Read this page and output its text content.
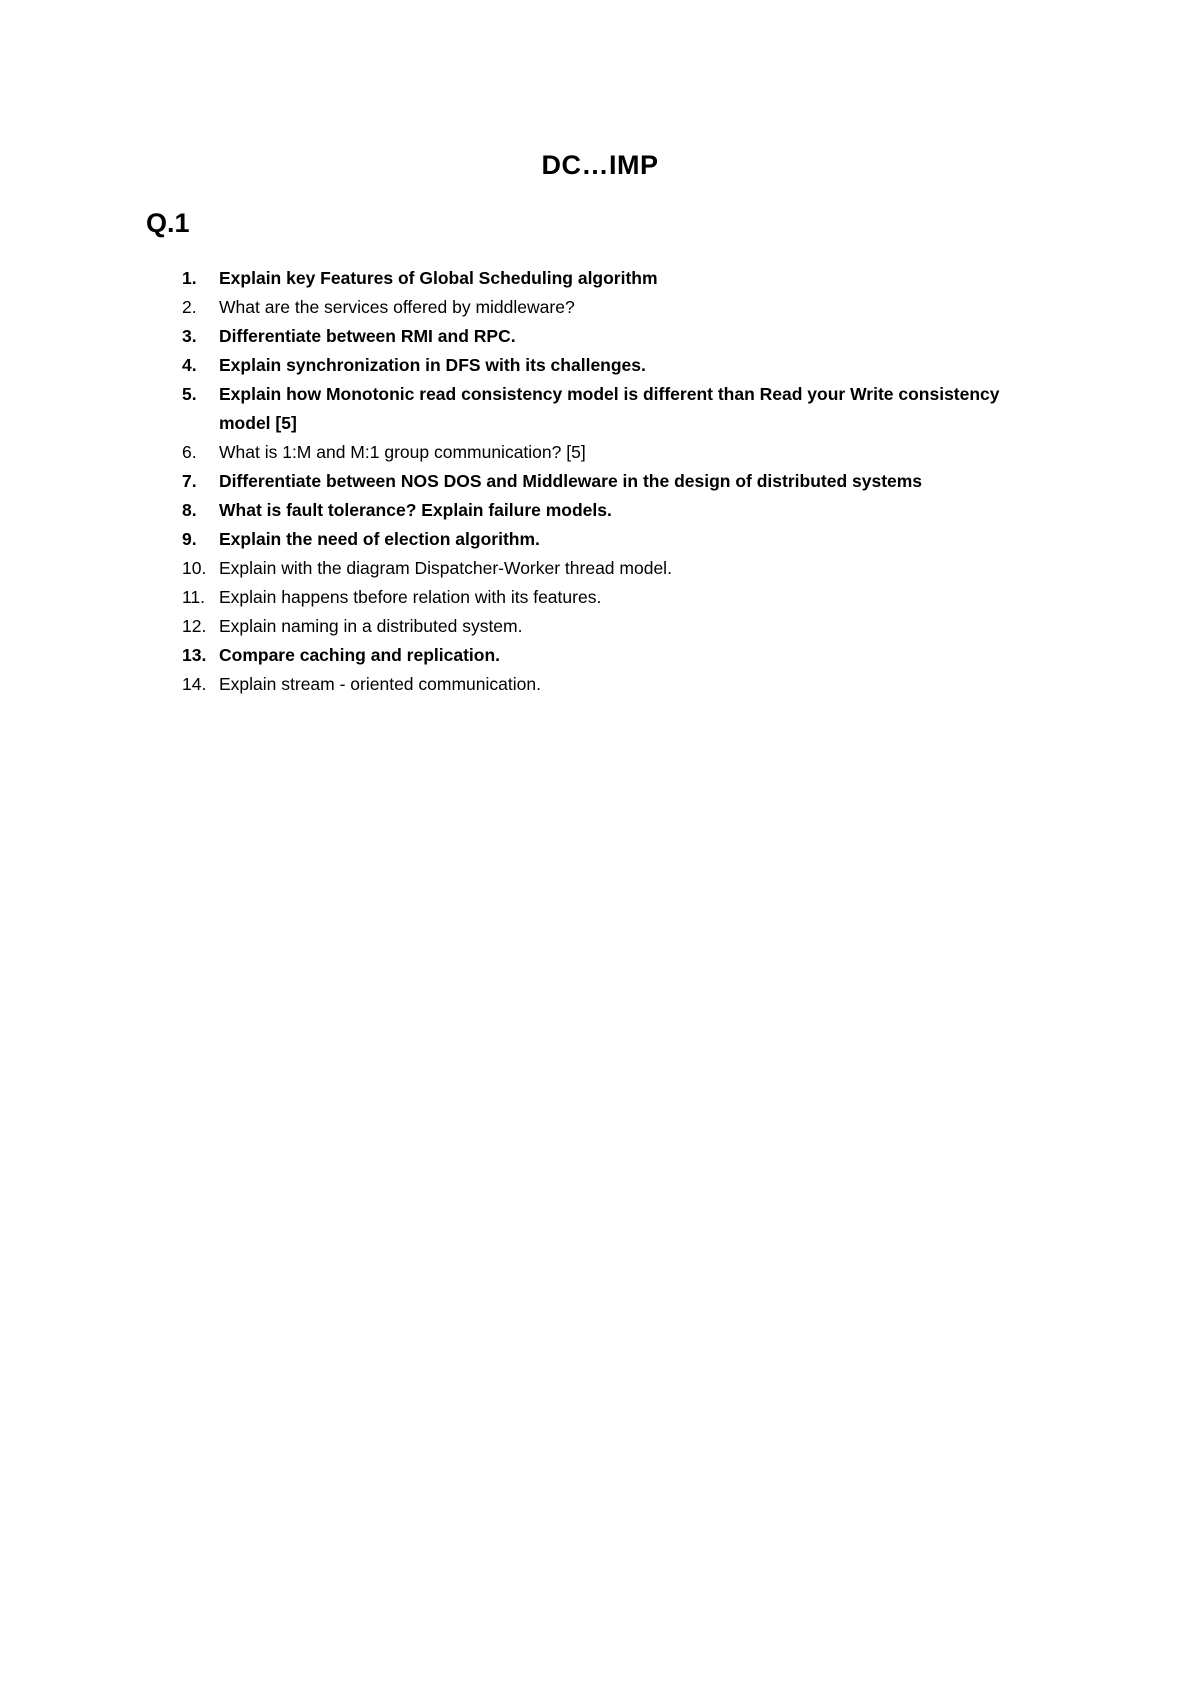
DC…IMP
Q.1
1. Explain key Features of Global Scheduling algorithm
2. What are the services offered by middleware?
3. Differentiate between RMI and RPC.
4. Explain synchronization in DFS with its challenges.
5. Explain how Monotonic read consistency model is different than Read your Write consistency model [5]
6. What is 1:M and M:1 group communication? [5]
7. Differentiate between NOS DOS and Middleware in the design of distributed systems
8. What is fault tolerance? Explain failure models.
9. Explain the need of election algorithm.
10. Explain with the diagram Dispatcher-Worker thread model.
11. Explain happens tbefore relation with its features.
12. Explain naming in a distributed system.
13. Compare caching and replication.
14. Explain stream - oriented communication.
